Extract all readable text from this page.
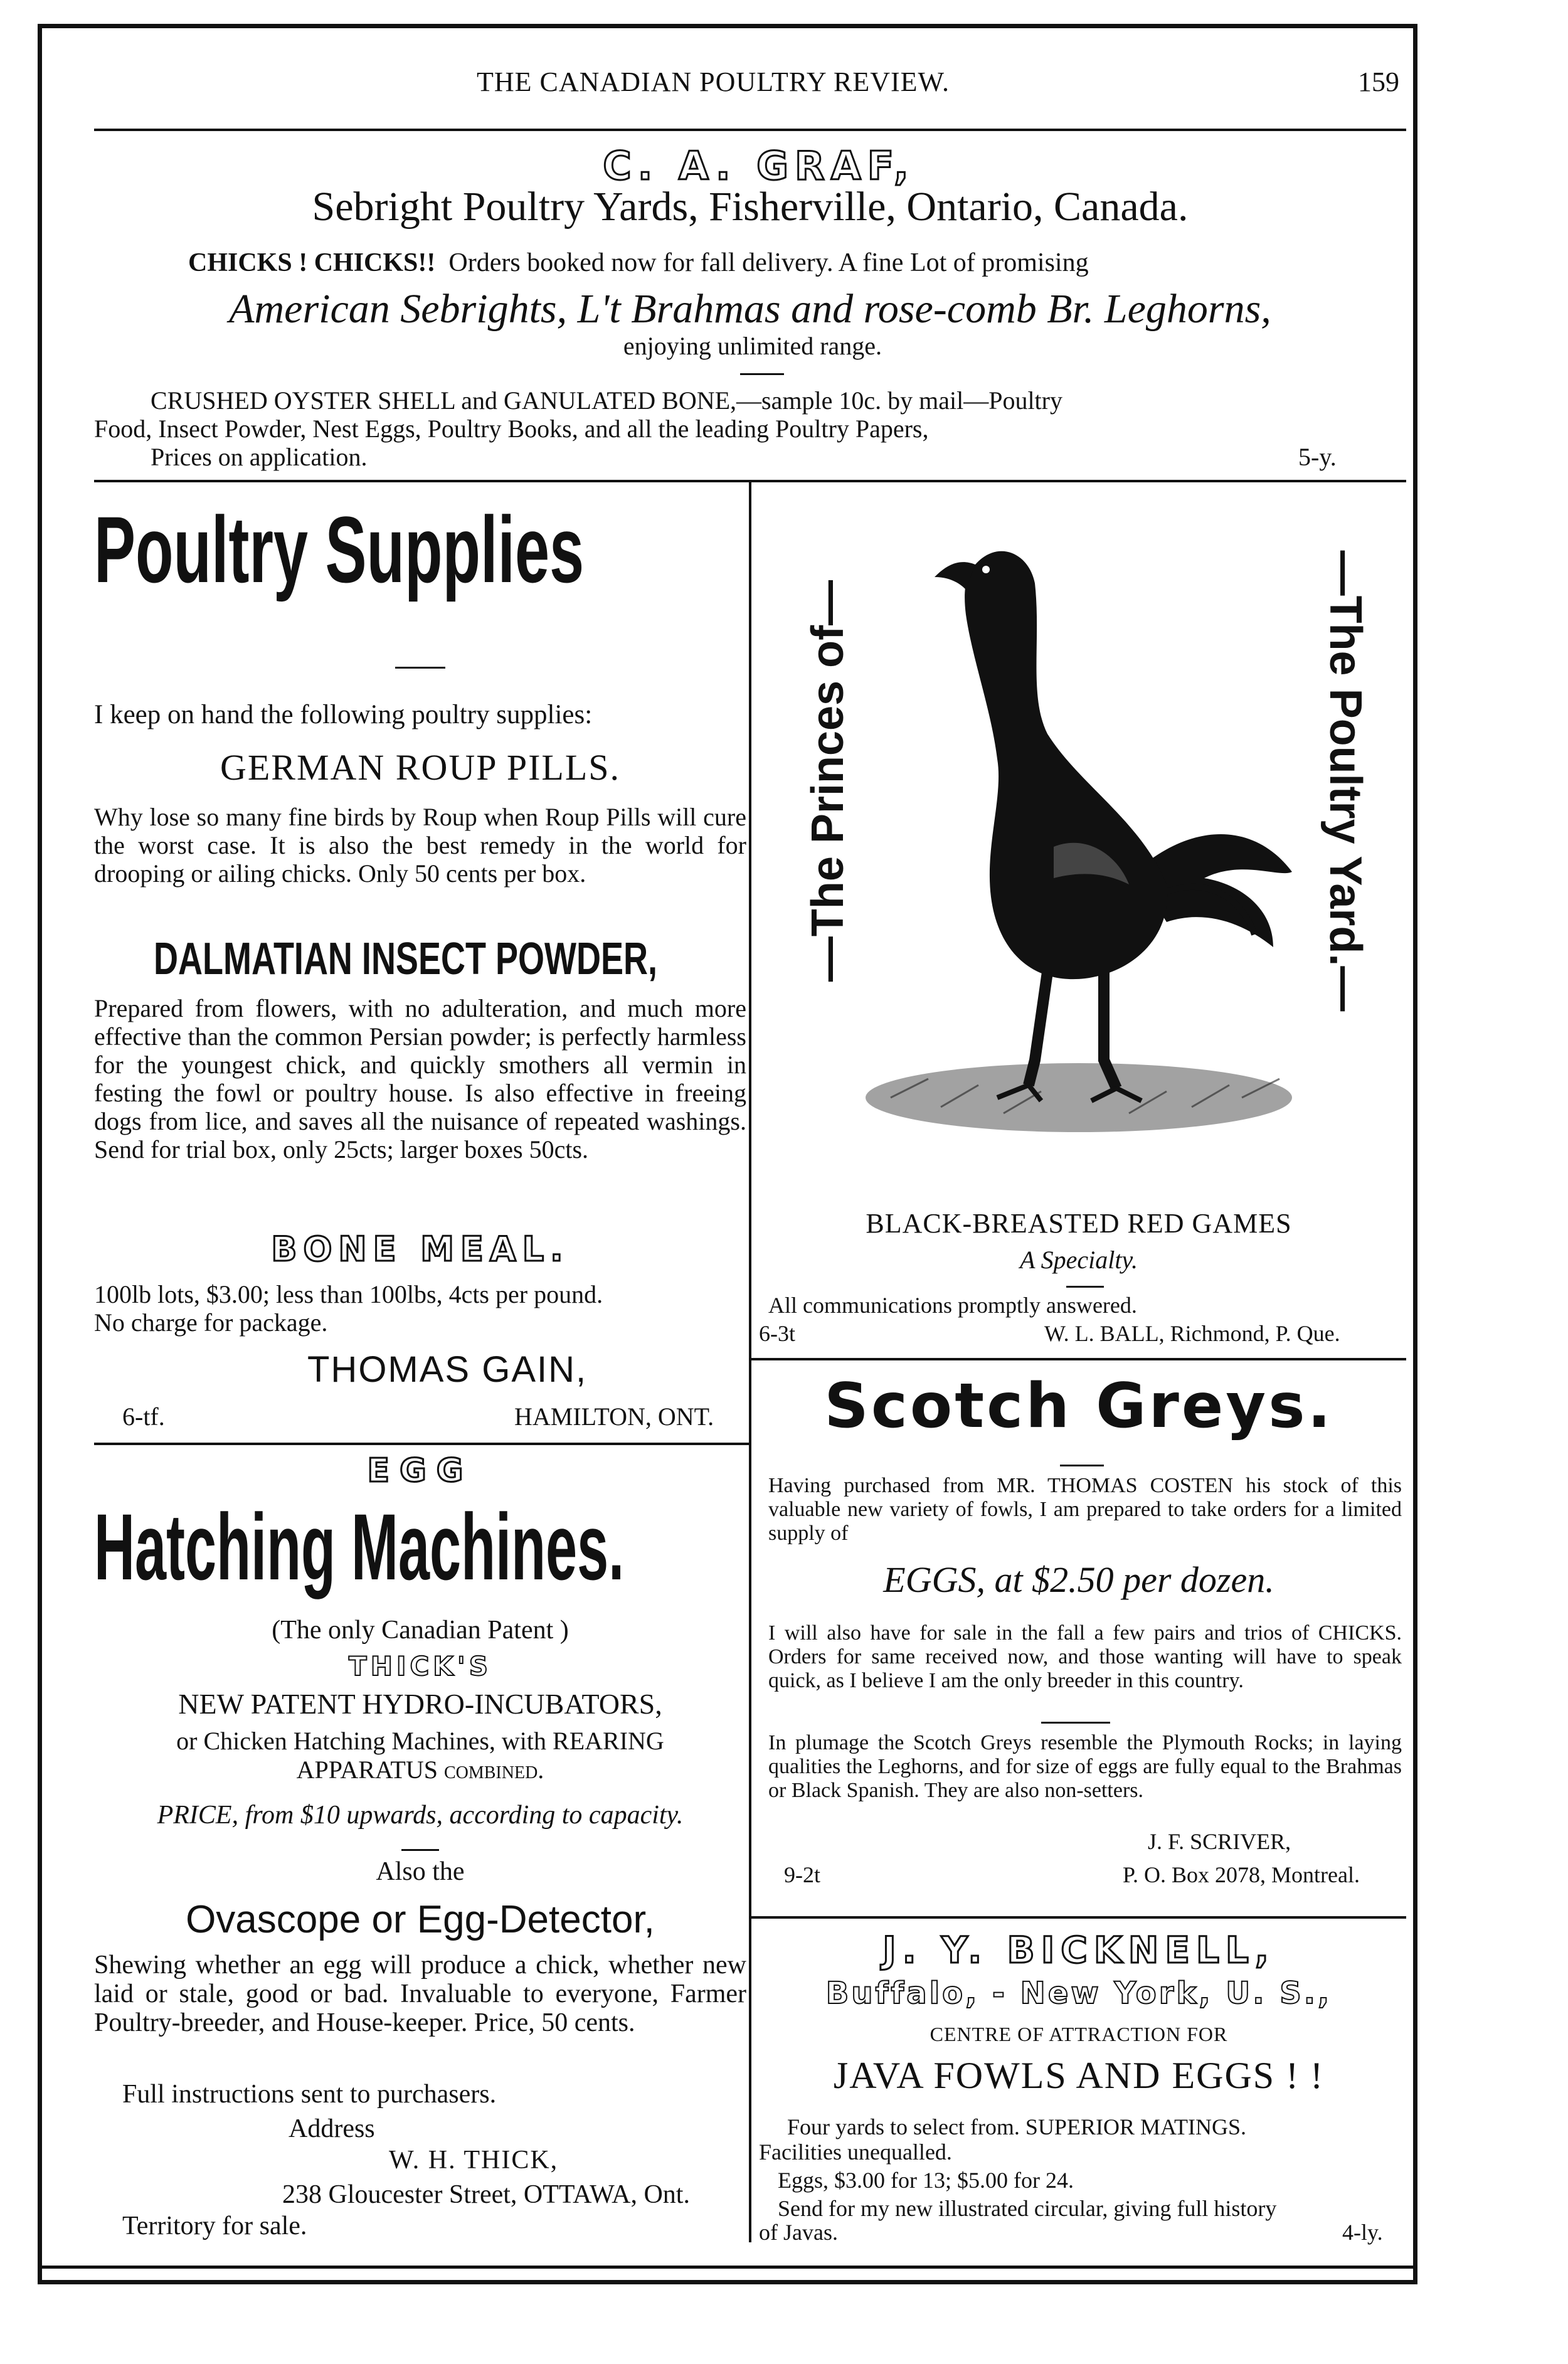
THE CANADIAN POULTRY REVIEW.	159
C. A. GRAF,
Sebright Poultry Yards, Fisherville, Ontario, Canada.
CHICKS ! CHICKS!! Orders booked now for fall delivery. A fine Lot of promising
American Sebrights, L't Brahmas and rose-comb Br. Leghorns,
enjoying unlimited range.
CRUSHED OYSTER SHELL and GANULATED BONE,—sample 10c. by mail—Poultry
Food, Insect Powder, Nest Eggs, Poultry Books, and all the leading Poultry Papers,
Prices on application.	5-y.
Poultry Supplies
I keep on hand the following poultry supplies:
GERMAN ROUP PILLS.
Why lose so many fine birds by Roup when Roup Pills will cure the worst case. It is also the best remedy in the world for drooping or ailing chicks. Only 50 cents per box.
DALMATIAN INSECT POWDER,
Prepared from flowers, with no adulteration, and much more effective than the common Persian powder; is perfectly harmless for the youngest chick, and quickly smothers all vermin in festing the fowl or poultry house. Is also effective in freeing dogs from lice, and saves all the nuisance of repeated washings. Send for trial box, only 25cts; larger boxes 50cts.
BONE MEAL.
100lb lots, $3.00; less than 100lbs, 4cts per pound.
No charge for package.
THOMAS GAIN,
6-tf.	HAMILTON, ONT.
EGG
Hatching Machines.
(The only Canadian Patent )
THICK'S
NEW PATENT HYDRO-INCUBATORS,
or Chicken Hatching Machines, with REARING
APPARATUS combined.
PRICE, from $10 upwards, according to capacity.
Also the
Ovascope or Egg-Detector,
Shewing whether an egg will produce a chick, whether new laid or stale, good or bad. Invaluable to everyone, Farmer Poultry-breeder, and House-keeper. Price, 50 cents.
Full instructions sent to purchasers.
Address
W. H. THICK,
238 Gloucester Street, OTTAWA, Ont.
Territory for sale.
—The Princes of—	—The Poultry Yard.—
BLACK-BREASTED RED GAMES
A Specialty.
All communications promptly answered.
6-3t	W. L. BALL, Richmond, P. Que.
Scotch Greys.
Having purchased from MR. THOMAS COSTEN his stock of this valuable new variety of fowls, I am prepared to take orders for a limited supply of
EGGS, at $2.50 per dozen.
I will also have for sale in the fall a few pairs and trios of CHICKS. Orders for same received now, and those wanting will have to speak quick, as I believe I am the only breeder in this country.
In plumage the Scotch Greys resemble the Plymouth Rocks; in laying qualities the Leghorns, and for size of eggs are fully equal to the Brahmas or Black Spanish. They are also non-setters.
J. F. SCRIVER,
9-2t	P. O. Box 2078, Montreal.
J. Y. BICKNELL,
Buffalo, - New York, U. S.,
CENTRE OF ATTRACTION FOR
JAVA FOWLS AND EGGS ! !
Four yards to select from. SUPERIOR MATINGS.
Facilities unequalled.
Eggs, $3.00 for 13; $5.00 for 24.
Send for my new illustrated circular, giving full history
of Javas.	4-ly.
